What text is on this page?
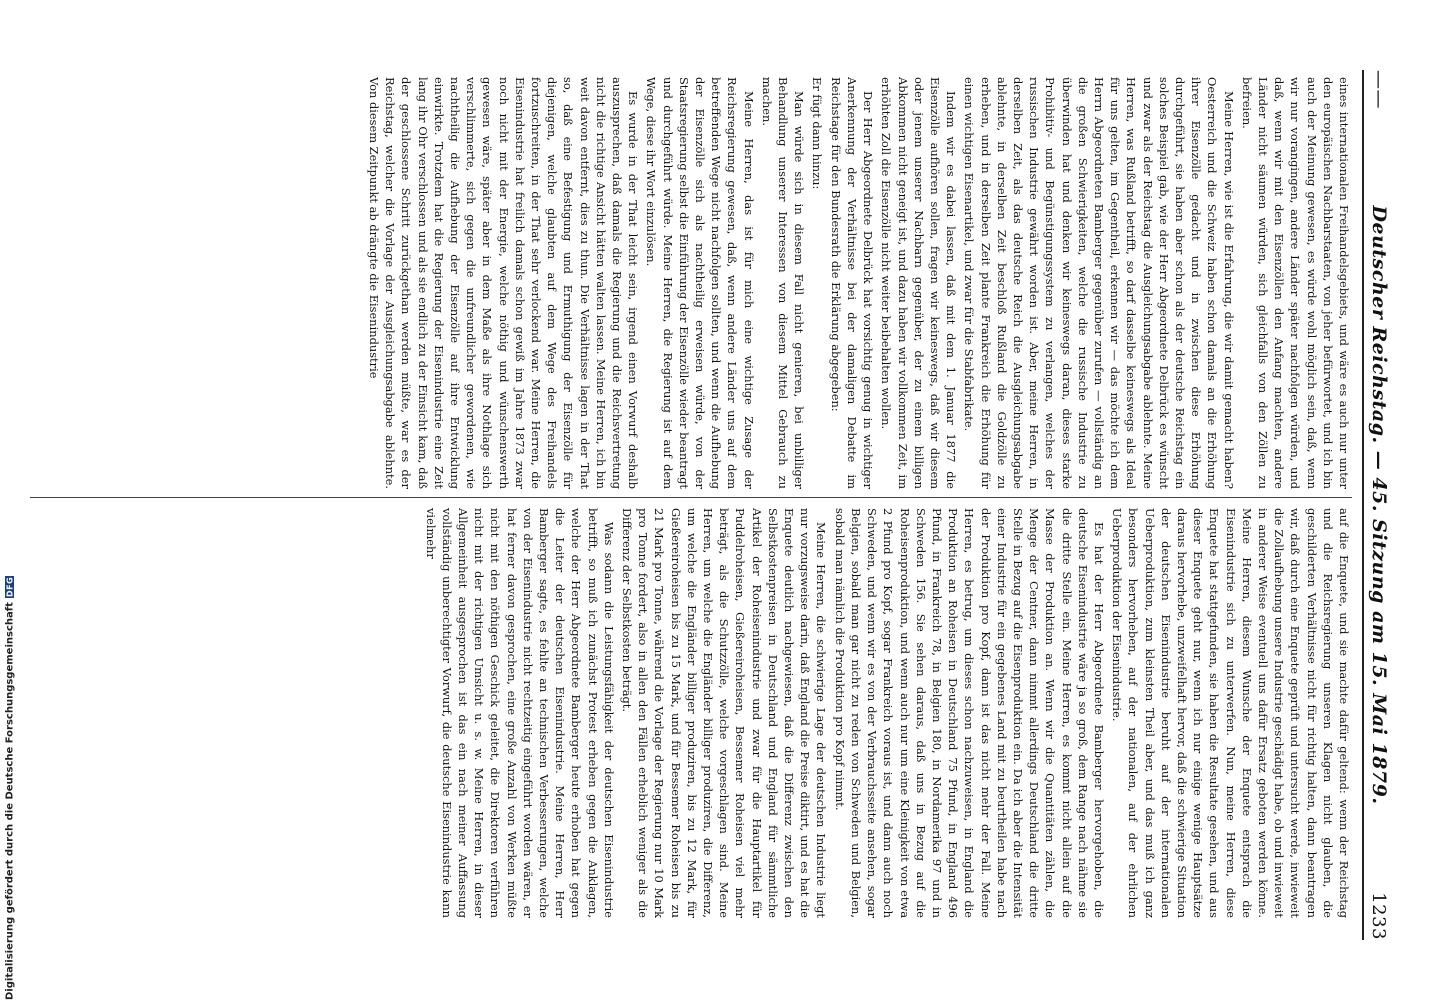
——
Deutscher Reichstag. — 45. Sitzung am 15. Mai 1879.
1233

eines internationalen Freihandelsgebiets, und wäre es auch nur unter den europäischen Nachbarstaaten, von jeher befürwortet, und ich bin auch der Meinung gewesen, es würde wohl möglich sein, daß, wenn wir nur vorangingen, andere Länder später nachfolgen würden, und daß, wenn wir mit den Eisenzöllen den Anfang machten, andere Länder nicht säumen würden, sich gleichfalls von den Zöllen zu befreien.

Meine Herren, wie ist die Erfahrung, die wir damit gemacht haben? Oesterreich und die Schweiz haben schon damals an die Erhöhung ihrer Eisenzölle gedacht und in zwischen diese Erhöhung durchgeführt, sie haben aber schon als der deutsche Reichstag ein solches Beispiel gab, wie der Herr Abgeordnete Delbrück es wünscht und zwar als der Reichstag die Ausgleichungsabgabe ablehnte. Meine Herren, was Rußland betrifft, so darf dasselbe keineswegs als Ideal für uns gelten, im Gegentheil, erkennen wir — das möchte ich dem Herrn Abgeordneten Bamberger gegenüber zurufen — vollständig an die großen Schwierigkeiten, welche die russische Industrie zu überwinden hat und denken wir keineswegs daran, dieses starke Prohibitiv- und Begünstigungssystem zu verlangen, welches der russischen Industrie gewährt worden ist. Aber, meine Herren, in derselben Zeit, als das deutsche Reich die Ausgleichungsabgabe ablehnte, in derselben Zeit beschloß Rußland die Goldzölle zu erheben, und in derselben Zeit plante Frankreich die Erhöhung für einen wichtigen Eisenartikel, und zwar für die Stabfabrikate.

Indem wir es dabei lassen, daß mit dem 1. Januar 1877 die Eisenzölle aufhören sollen, fragen wir keineswegs, daß wir diesem oder jenem unserer Nachbarn gegenüber, der zu einem billigen Abkommen nicht geneigt ist, und dazu haben wir vollkommen Zeit, im erhöhten Zoll die Eisenzölle nicht weiter beibehalten wollen.

Der Herr Abgeordnete Delbrück hat vorsichtig genug in wichtiger Anerkennung der Verhältnisse bei der damaligen Debatte im Reichstage für den Bundesrath die Erklärung abgegeben:

Er fügt dann hinzu:

Man würde sich in diesem Fall nicht genieren, bei unbilliger Behandlung unserer Interessen von diesem Mittel Gebrauch zu machen.

Meine Herren, das ist für mich eine wichtige Zusage der Reichsregierung gewesen, daß, wenn andere Länder uns auf dem betreffenden Wege nicht nachfolgen sollten, und wenn die Aufhebung der Eisenzölle sich als nachtheilig erweisen würde, von der Staatsregierung selbst die Einführung der Eisenzölle wieder beantragt und durchgeführt würde. Meine Herren, die Regierung ist auf dem Wege, diese ihr Wort einzulösen.

Es wurde in der That leicht sein, irgend einen Vorwurf deshalb auszusprechen, daß damals die Regierung und die Reichsvertretung nicht die richtige Ansicht hätten walten lassen. Meine Herren, ich bin weit davon entfernt, dies zu thun. Die Verhältnisse lagen in der That so, daß eine Befestigung und Ermuthigung der Eisenzölle für diejenigen, welche glaubten auf dem Wege des Freihandels fortzuschreiten, in der That sehr verlockend war. Meine Herren, die Eisenindustrie hat freilich damals schon gewiß im Jahre 1873 zwar noch nicht mit der Energie, welche nöthig und wünschenswerth gewesen wäre, später aber in dem Maße als ihre Nothlage sich verschlimmerte, sich gegen die unfreundlicher gewordenen, wie nachtheilig die Aufhebung der Eisenzölle auf ihre Entwicklung einwirkte. Trotzdem hat die Regierung der Eisenindustrie eine Zeit lang ihr Ohr verschlossen und als sie endlich zu der Einsicht kam, daß der geschlossene Schritt zurückgethan werden müßte, war es der Reichstag, welcher die Vorlage der Ausgleichungsabgabe ablehnte. Von diesem Zeitpunkt ab drängte die Eisenindustrie

auf die Enquete, und sie machte dafür geltend: wenn der Reichstag und die Reichsregierung unseren Klagen nicht glauben, die geschilderten Verhältnisse nicht für richtig halten, dann beantragen wir, daß durch eine Enquete geprüft und untersucht werde, inwieweit die Zollaufhebung unsere Industrie geschädigt habe, ob und inwieweit in anderer Weise eventuell uns dafür Ersatz geboten werden könne. Meine Herren, diesem Wunsche der Enquete entsprach die Eisenindustrie sich zu unterwerfen. Nun, meine Herren, diese Enquete hat stattgefunden, sie haben die Resultate gesehen, und aus dieser Enquete geht nur, wenn ich nur einige wenige Hauptsätze daraus hervorhebe, unzweifelhaft hervor, daß die schwierige Situation der deutschen Eisenindustrie beruht auf der internationalen Ueberproduktion, zum kleinsten Theil aber, und das muß ich ganz besonders hervorheben, auf der nationalen, auf der ehrlichen Ueberproduktion der Eisenindustrie.

Es hat der Herr Abgeordnete Bamberger hervorgehoben, die deutsche Eisenindustrie wäre ja so groß, dem Range nach nähme sie die dritte Stelle ein. Meine Herren, es kommt nicht allein auf die Masse der Produktion an. Wenn wir die Quantitäten zählen, die Menge der Centner, dann nimmt allerdings Deutschland die dritte Stelle in Bezug auf die Eisenproduktion ein. Da ich aber die Intensität einer Industrie für ein gegebenes Land mit zu beurtheilen habe nach der Produktion pro Kopf, dann ist das nicht mehr der Fall. Meine Herren, es betrug, um dieses schon nachzuweisen, in England die Produktion an Roheisen in Deutschland 75 Pfund, in England 496 Pfund, in Frankreich 78, in Belgien 180, in Nordamerika 97 und in Schweden 156. Sie sehen daraus, daß uns in Bezug auf die Roheisenproduktion, und wenn auch nur um eine Kleinigkeit von etwa 2 Pfund pro Kopf, sogar Frankreich voraus ist, und dann auch noch Schweden, und wenn wir es von der Verbrauchsseite ansehen, sogar Belgien, sobald man gar nicht zu reden von Schweden und Belgien, sobald man nämlich die Produktion pro Kopf nimmt.

Meine Herren, die schwierige Lage der deutschen Industrie liegt nur vorzugsweise darin, daß England die Preise diktirt, und es hat die Enquete deutlich nachgewiesen, daß die Differenz zwischen den Selbstkostenpreisen in Deutschland und England für sämmtliche Artikel der Roheisenindustrie und zwar für die Hauptartikel für Puddelroheisen, Gießereiroheisen, Bessemer Roheisen viel mehr beträgt, als die Schutzzölle, welche vorgeschlagen sind. Meine Herren, um welche die Engländer billiger produziren, die Differenz, um welche die Engländer billiger produziren, bis zu 12 Mark, für Gießereiroheisen bis zu 15 Mark, und für Bessemer Roheisen bis zu 21 Mark pro Tonne, während die Vorlage der Regierung nur 10 Mark pro Tonne fordert, also in allen den Fällen erheblich weniger als die Differenz der Selbstkosten beträgt.

Was sodann die Leistungsfähigkeit der deutschen Eisenindustrie betrifft, so muß ich zunächst Protest erheben gegen die Anklagen, welche der Herr Abgeordnete Bamberger heute erhoben hat gegen die Leiter der deutschen Eisenindustrie. Meine Herren, Herr Bamberger sagte, es fehlte an technischen Verbesserungen, welche von der Eisenindustrie nicht rechtzeitig eingeführt worden wären, er hat ferner davon gesprochen, eine große Anzahl von Werken müßte nicht mit den nöthigen Geschick geleitet, die Direktoren verführen nicht mit der richtigen Umsicht u. s. w. Meine Herren, in dieser Allgemeinheit ausgesprochen ist das ein nach meiner Auffassung vollständig unberechtigter Vorwurf, die deutsche Eisenindustrie kann vielmehr

Digitalisierung gefördert durch die Deutsche Forschungsgemeinschaft
DFG
